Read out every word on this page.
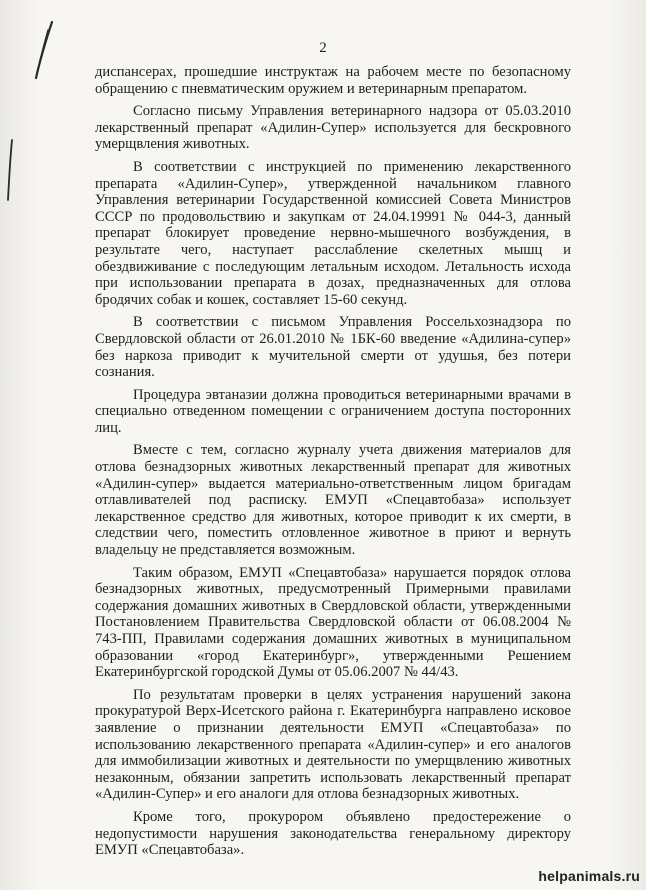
2

диспансерах, прошедшие инструктаж на рабочем месте по безопасному обращению с пневматическим оружием и ветеринарным препаратом.

Согласно письму Управления ветеринарного надзора от 05.03.2010 лекарственный препарат «Адилин-Супер» используется для бескровного умерщвления животных.

В соответствии с инструкцией по применению лекарственного препарата «Адилин-Супер», утвержденной начальником главного Управления ветеринарии Государственной комиссией Совета Министров СССР по продовольствию и закупкам от 24.04.19991 № 044-3, данный препарат блокирует проведение нервно-мышечного возбуждения, в результате чего, наступает расслабление скелетных мышц и обездвиживание с последующим летальным исходом. Летальность исхода при использовании препарата в дозах, предназначенных для отлова бродячих собак и кошек, составляет 15-60 секунд.

В соответствии с письмом Управления Россельхознадзора по Свердловской области от 26.01.2010 № 1БК-60 введение «Адилина-супер» без наркоза приводит к мучительной смерти от удушья, без потери сознания.

Процедура эвтаназии должна проводиться ветеринарными врачами в специально отведенном помещении с ограничением доступа посторонних лиц.

Вместе с тем, согласно журналу учета движения материалов для отлова безнадзорных животных лекарственный препарат для животных «Адилин-супер» выдается материально-ответственным лицом бригадам отлавливателей под расписку. ЕМУП «Спецавтобаза» использует лекарственное средство для животных, которое приводит к их смерти, в следствии чего, поместить отловленное животное в приют и вернуть владельцу не представляется возможным.

Таким образом, ЕМУП «Спецавтобаза» нарушается порядок отлова безнадзорных животных, предусмотренный Примерными правилами содержания домашних животных в Свердловской области, утвержденными Постановлением Правительства Свердловской области от 06.08.2004 № 743-ПП, Правилами содержания домашних животных в муниципальном образовании «город Екатеринбург», утвержденными Решением Екатеринбургской городской Думы от 05.06.2007 № 44/43.

По результатам проверки в целях устранения нарушений закона прокуратурой Верх-Исетского района г. Екатеринбурга направлено исковое заявление о признании деятельности ЕМУП «Спецавтобаза» по использованию лекарственного препарата «Адилин-супер» и его аналогов для иммобилизации животных и деятельности по умерщвлению животных незаконным, обязании запретить использовать лекарственный препарат «Адилин-Супер» и его аналоги для отлова безнадзорных животных.

Кроме того, прокурором объявлено предостережение о недопустимости нарушения законодательства генеральному директору ЕМУП «Спецавтобаза».

helpanimals.ru
